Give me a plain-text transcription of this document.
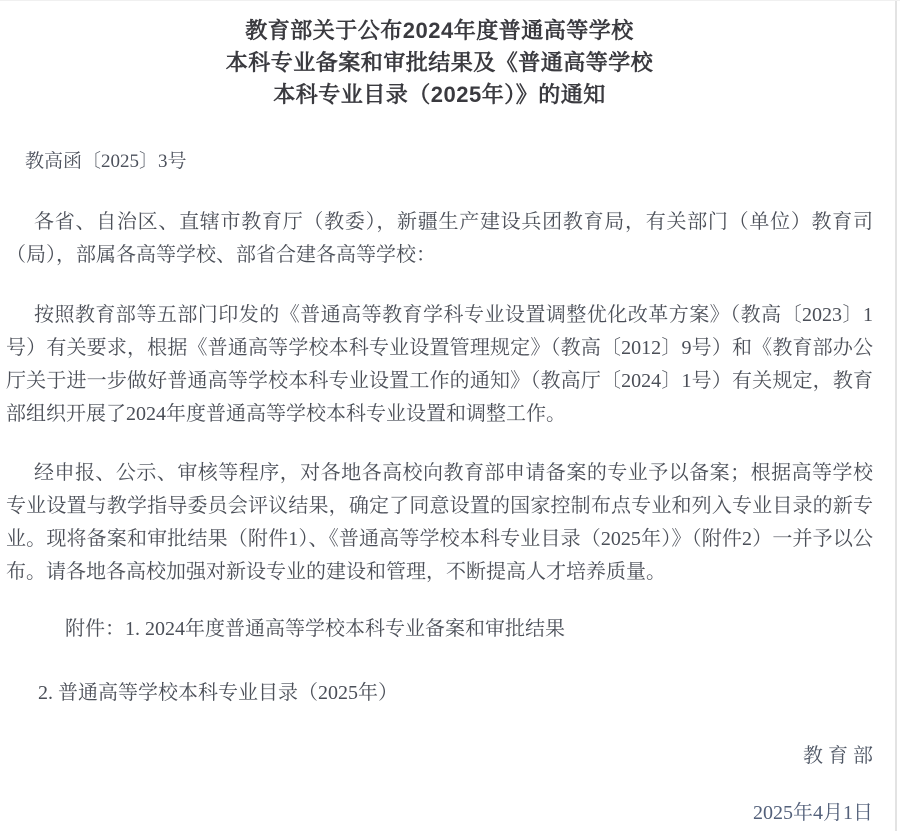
教育部关于公布2024年度普通高等学校
本科专业备案和审批结果及《普通高等学校
本科专业目录（2025年）》的通知
教高函〔2025〕3号
各省、自治区、直辖市教育厅（教委），新疆生产建设兵团教育局，有关部门（单位）教育司（局），部属各高等学校、部省合建各高等学校：
按照教育部等五部门印发的《普通高等教育学科专业设置调整优化改革方案》（教高〔2023〕1号）有关要求，根据《普通高等学校本科专业设置管理规定》（教高〔2012〕9号）和《教育部办公厅关于进一步做好普通高等学校本科专业设置工作的通知》（教高厅〔2024〕1号）有关规定，教育部组织开展了2024年度普通高等学校本科专业设置和调整工作。
经申报、公示、审核等程序，对各地各高校向教育部申请备案的专业予以备案；根据高等学校专业设置与教学指导委员会评议结果，确定了同意设置的国家控制布点专业和列入专业目录的新专业。现将备案和审批结果（附件1）、《普通高等学校本科专业目录（2025年）》（附件2）一并予以公布。请各地各高校加强对新设专业的建设和管理，不断提高人才培养质量。
附件：1. 2024年度普通高等学校本科专业备案和审批结果
2. 普通高等学校本科专业目录（2025年）
教 育 部
2025年4月1日
